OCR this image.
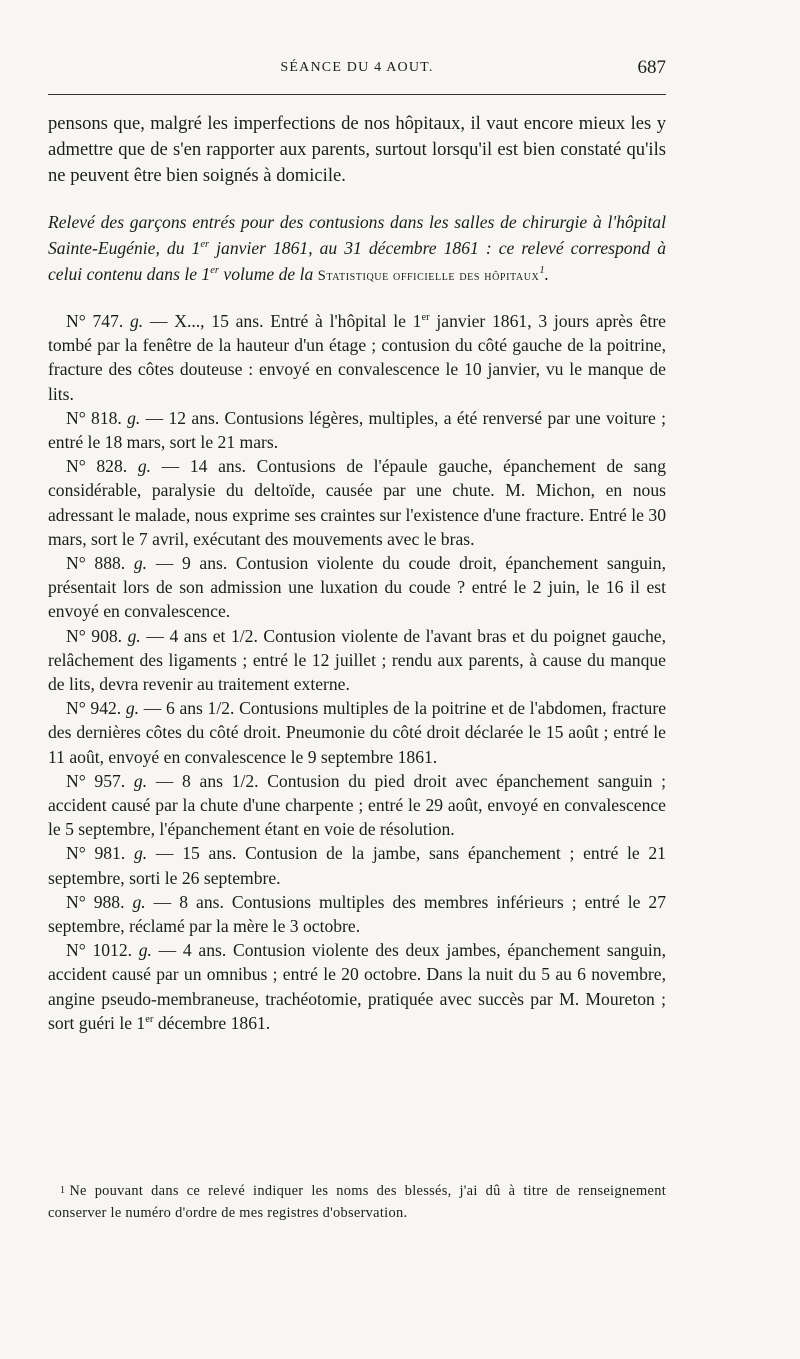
SÉANCE DU 4 AOUT.	687

pensons que, malgré les imperfections de nos hôpitaux, il vaut encore mieux les y admettre que de s'en rapporter aux parents, surtout lorsqu'il est bien constaté qu'ils ne peuvent être bien soignés à domicile.

Relevé des garçons entrés pour des contusions dans les salles de chirurgie à l'hôpital Sainte-Eugénie, du 1er janvier 1861, au 31 décembre 1861 : ce relevé correspond à celui contenu dans le 1er volume de la Statistique officielle des hôpitaux$^1$.

N° 747. g. — X..., 15 ans. Entré à l'hôpital le 1er janvier 1861, 3 jours après être tombé par la fenêtre de la hauteur d'un étage ; contusion du côté gauche de la poitrine, fracture des côtes douteuse : envoyé en convalescence le 10 janvier, vu le manque de lits.

N° 818. g. — 12 ans. Contusions légères, multiples, a été renversé par une voiture ; entré le 18 mars, sort le 21 mars.

N° 828. g. — 14 ans. Contusions de l'épaule gauche, épanchement de sang considérable, paralysie du deltoïde, causée par une chute. M. Michon, en nous adressant le malade, nous exprime ses craintes sur l'existence d'une fracture. Entré le 30 mars, sort le 7 avril, exécutant des mouvements avec le bras.

N° 888. g. — 9 ans. Contusion violente du coude droit, épanchement sanguin, présentait lors de son admission une luxation du coude ? entré le 2 juin, le 16 il est envoyé en convalescence.

N° 908. g. — 4 ans et 1/2. Contusion violente de l'avant bras et du poignet gauche, relâchement des ligaments ; entré le 12 juillet ; rendu aux parents, à cause du manque de lits, devra revenir au traitement externe.

N° 942. g. — 6 ans 1/2. Contusions multiples de la poitrine et de l'abdomen, fracture des dernières côtes du côté droit. Pneumonie du côté droit déclarée le 15 août ; entré le 11 août, envoyé en convalescence le 9 septembre 1861.

N° 957. g. — 8 ans 1/2. Contusion du pied droit avec épanchement sanguin ; accident causé par la chute d'une charpente ; entré le 29 août, envoyé en convalescence le 5 septembre, l'épanchement étant en voie de résolution.

N° 981. g. — 15 ans. Contusion de la jambe, sans épanchement ; entré le 21 septembre, sorti le 26 septembre.

N° 988. g. — 8 ans. Contusions multiples des membres inférieurs ; entré le 27 septembre, réclamé par la mère le 3 octobre.

N° 1012. g. — 4 ans. Contusion violente des deux jambes, épanchement sanguin, accident causé par un omnibus ; entré le 20 octobre. Dans la nuit du 5 au 6 novembre, angine pseudo-membraneuse, trachéotomie, pratiquée avec succès par M. Moureton ; sort guéri le 1er décembre 1861.

$^1$ Ne pouvant dans ce relevé indiquer les noms des blessés, j'ai dû à titre de renseignement conserver le numéro d'ordre de mes registres d'observation.
